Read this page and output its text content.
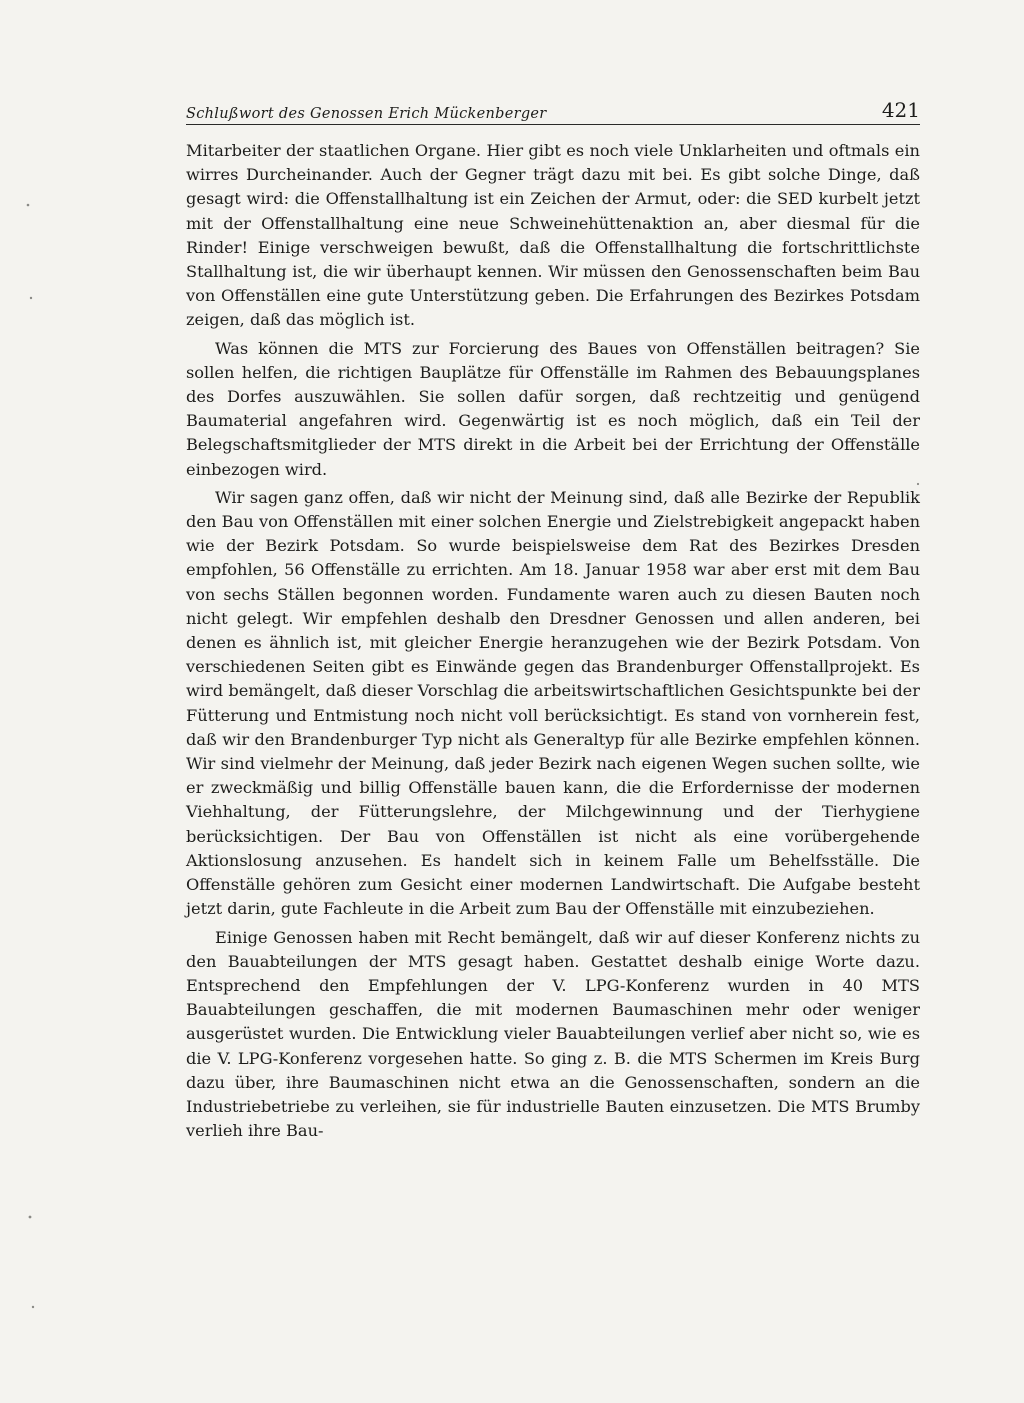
Schlußwort des Genossen Erich Mückenberger	421

Mitarbeiter der staatlichen Organe. Hier gibt es noch viele Unklarheiten und oftmals ein wirres Durcheinander. Auch der Gegner trägt dazu mit bei. Es gibt solche Dinge, daß gesagt wird: die Offenstallhaltung ist ein Zeichen der Armut, oder: die SED kurbelt jetzt mit der Offenstallhaltung eine neue Schweinehüttenaktion an, aber diesmal für die Rinder! Einige verschweigen bewußt, daß die Offenstallhaltung die fortschrittlichste Stallhaltung ist, die wir überhaupt kennen. Wir müssen den Genossenschaften beim Bau von Offenställen eine gute Unterstützung geben. Die Erfahrungen des Bezirkes Potsdam zeigen, daß das möglich ist.

Was können die MTS zur Forcierung des Baues von Offenställen beitragen? Sie sollen helfen, die richtigen Bauplätze für Offenställe im Rahmen des Bebauungsplanes des Dorfes auszuwählen. Sie sollen dafür sorgen, daß rechtzeitig und genügend Baumaterial angefahren wird. Gegenwärtig ist es noch möglich, daß ein Teil der Belegschaftsmitglieder der MTS direkt in die Arbeit bei der Errichtung der Offenställe einbezogen wird.

Wir sagen ganz offen, daß wir nicht der Meinung sind, daß alle Bezirke der Republik den Bau von Offenställen mit einer solchen Energie und Zielstrebigkeit angepackt haben wie der Bezirk Potsdam. So wurde beispielsweise dem Rat des Bezirkes Dresden empfohlen, 56 Offenställe zu errichten. Am 18. Januar 1958 war aber erst mit dem Bau von sechs Ställen begonnen worden. Fundamente waren auch zu diesen Bauten noch nicht gelegt. Wir empfehlen deshalb den Dresdner Genossen und allen anderen, bei denen es ähnlich ist, mit gleicher Energie heranzugehen wie der Bezirk Potsdam. Von verschiedenen Seiten gibt es Einwände gegen das Brandenburger Offenstallprojekt. Es wird bemängelt, daß dieser Vorschlag die arbeitswirtschaftlichen Gesichtspunkte bei der Fütterung und Entmistung noch nicht voll berücksichtigt. Es stand von vornherein fest, daß wir den Brandenburger Typ nicht als Generaltyp für alle Bezirke empfehlen können. Wir sind vielmehr der Meinung, daß jeder Bezirk nach eigenen Wegen suchen sollte, wie er zweckmäßig und billig Offenställe bauen kann, die die Erfordernisse der modernen Viehhaltung, der Fütterungslehre, der Milchgewinnung und der Tierhygiene berücksichtigen. Der Bau von Offenställen ist nicht als eine vorübergehende Aktionslosung anzusehen. Es handelt sich in keinem Falle um Behelfsställe. Die Offenställe gehören zum Gesicht einer modernen Landwirtschaft. Die Aufgabe besteht jetzt darin, gute Fachleute in die Arbeit zum Bau der Offenställe mit einzubeziehen.

Einige Genossen haben mit Recht bemängelt, daß wir auf dieser Konferenz nichts zu den Bauabteilungen der MTS gesagt haben. Gestattet deshalb einige Worte dazu. Entsprechend den Empfehlungen der V. LPG-Konferenz wurden in 40 MTS Bauabteilungen geschaffen, die mit modernen Baumaschinen mehr oder weniger ausgerüstet wurden. Die Entwicklung vieler Bauabteilungen verlief aber nicht so, wie es die V. LPG-Konferenz vorgesehen hatte. So ging z. B. die MTS Schermen im Kreis Burg dazu über, ihre Baumaschinen nicht etwa an die Genossenschaften, sondern an die Industriebetriebe zu verleihen, sie für industrielle Bauten einzusetzen. Die MTS Brumby verlieh ihre Bau-
